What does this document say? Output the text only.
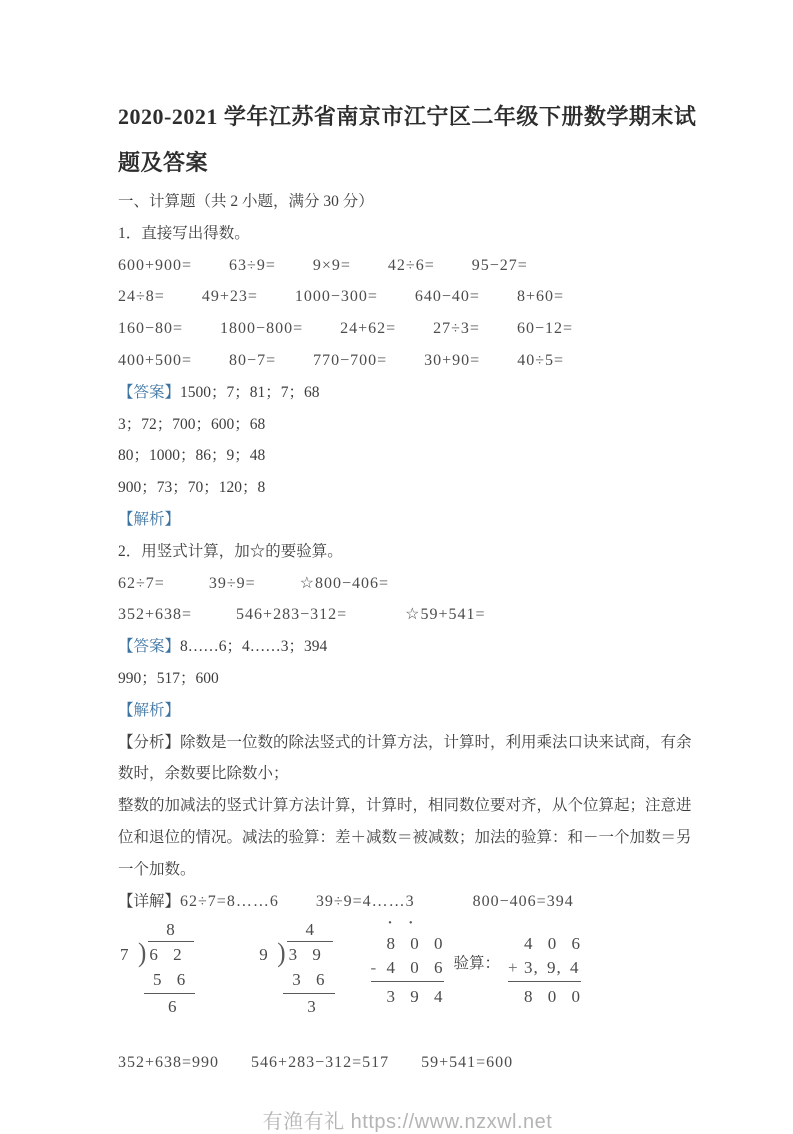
2020-2021 学年江苏省南京市江宁区二年级下册数学期末试
题及答案
一、计算题（共 2 小题，满分 30 分）
1．直接写出得数。
600+900= 63÷9= 9×9= 42÷6= 95−27=
24÷8= 49+23= 1000−300= 640−40= 8+60=
160−80= 1800−800= 24+62= 27÷3= 60−12=
400+500= 80−7= 770−700= 30+90= 40÷5=
【答案】1500；7；81；7；68
3；72；700；600；68
80；1000；86；9；48
900；73；70；120；8
【解析】
2．用竖式计算，加☆的要验算。
62÷7=	39÷9=	☆800−406=
352+638=	546+283−312=	☆59+541=
【答案】8……6；4……3；394
990；517；600
【解析】
【分析】除数是一位数的除法竖式的计算方法，计算时，利用乘法口诀来试商，有余数时，余数要比除数小；
整数的加减法的竖式计算方法计算，计算时，相同数位要对齐，从个位算起；注意进位和退位的情况。减法的验算：差＋减数＝被减数；加法的验算：和－一个加数＝另一个加数。
【详解】62÷7=8……6 39÷9=4……3	800−406=394
8
7 ) 6 2
5 6
6
4
9 ) 3 9
3 6
3
· ·
8 0 0
- 4 0 6
3 9 4
验算：
4 0 6
+ 3, 9, 4
8 0 0
352+638=990 546+283−312=517 59+541=600
有渔有礼 https://www.nzxwl.net
